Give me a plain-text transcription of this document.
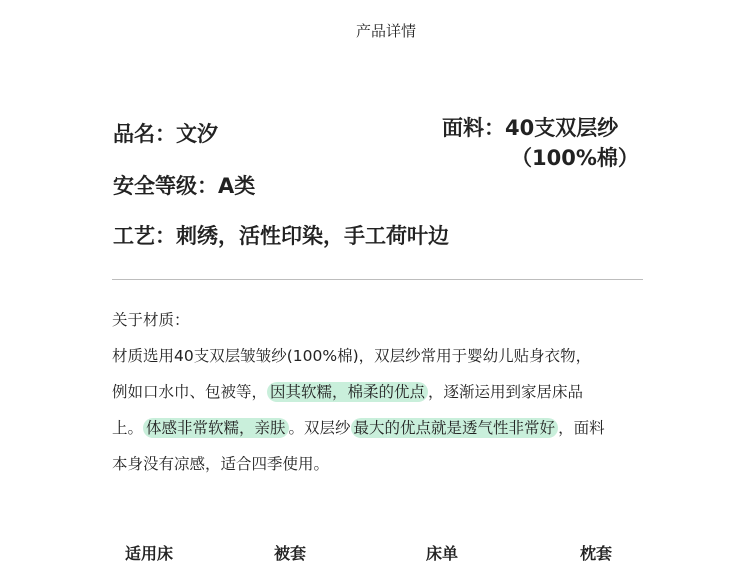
产品详情
品名：文汐	面料：40支双层纱
（100%棉）
安全等级：A类
工艺：刺绣，活性印染，手工荷叶边
关于材质：
材质选用40支双层皱皱纱(100%棉)，双层纱常用于婴幼儿贴身衣物，
例如口水巾、包被等， 因其软糯，棉柔的优点 ，逐渐运用到家居床品
上。 体感非常软糯，亲肤 。双层纱 最大的优点就是透气性非常好 ，面料
本身没有凉感，适合四季使用。
适用床	被套	床单	枕套
